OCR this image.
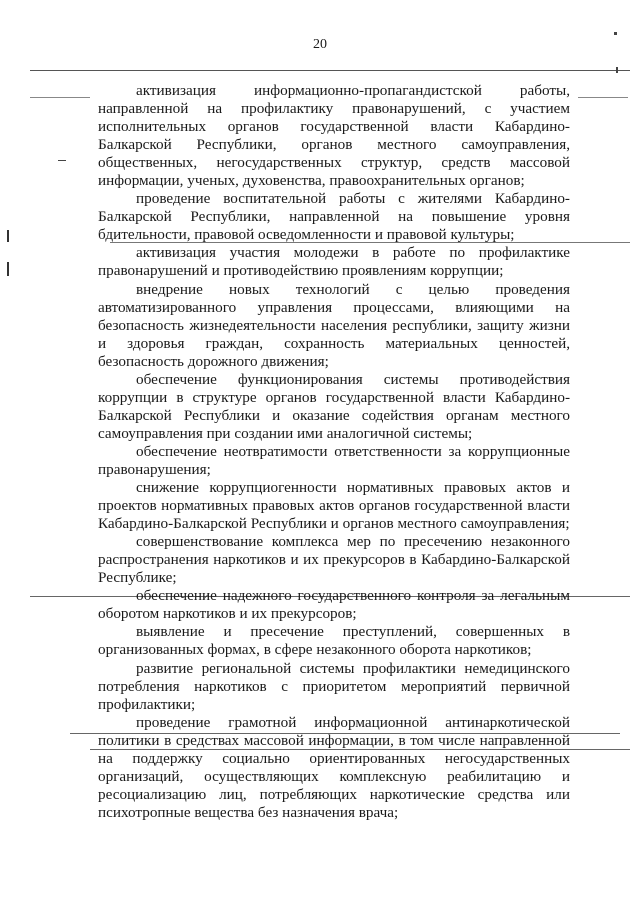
20

активизация информационно-пропагандистской работы, направленной на профилактику правонарушений, с участием исполнительных органов государственной власти Кабардино-Балкарской Республики, органов местного самоуправления, общественных, негосударственных структур, средств массовой информации, ученых, духовенства, правоохранительных органов;

проведение воспитательной работы с жителями Кабардино-Балкарской Республики, направленной на повышение уровня бдительности, правовой осведомленности и правовой культуры;

активизация участия молодежи в работе по профилактике правонарушений и противодействию проявлениям коррупции;

внедрение новых технологий с целью проведения автоматизированного управления процессами, влияющими на безопасность жизнедеятельности населения республики, защиту жизни и здоровья граждан, сохранность материальных ценностей, безопасность дорожного движения;

обеспечение функционирования системы противодействия коррупции в структуре органов государственной власти Кабардино-Балкарской Республики и оказание содействия органам местного самоуправления при создании ими аналогичной системы;

обеспечение неотвратимости ответственности за коррупционные правонарушения;

снижение коррупциогенности нормативных правовых актов и проектов нормативных правовых актов органов государственной власти Кабардино-Балкарской Республики и органов местного самоуправления;

совершенствование комплекса мер по пресечению незаконного распространения наркотиков и их прекурсоров в Кабардино-Балкарской Республике;

обеспечение надежного государственного контроля за легальным оборотом наркотиков и их прекурсоров;

выявление и пресечение преступлений, совершенных в организованных формах, в сфере незаконного оборота наркотиков;

развитие региональной системы профилактики немедицинского потребления наркотиков с приоритетом мероприятий первичной профилактики;

проведение грамотной информационной антинаркотической политики в средствах массовой информации, в том числе направленной на поддержку социально ориентированных негосударственных организаций, осуществляющих комплексную реабилитацию и ресоциализацию лиц, потребляющих наркотические средства или психотропные вещества без назначения врача;
